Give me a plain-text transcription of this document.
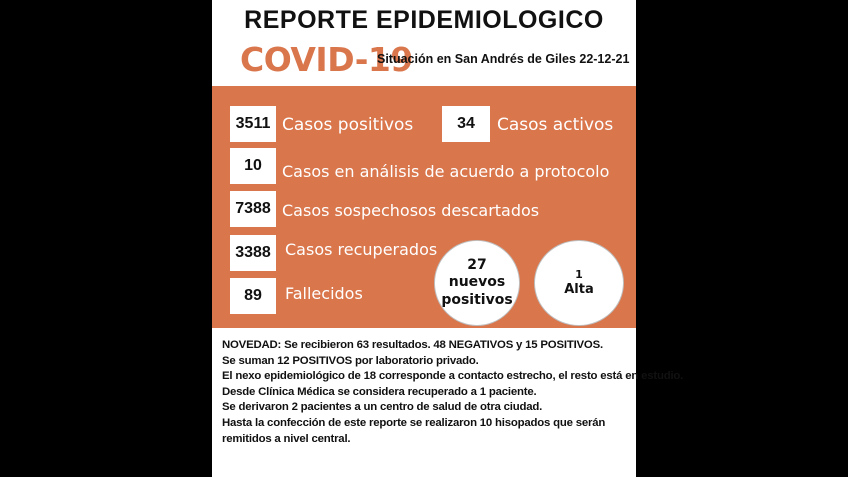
REPORTE EPIDEMIOLOGICO
COVID-19
Situación en San Andrés de Giles 22-12-21
3511 Casos positivos	34	Casos activos
10	Casos en análisis de acuerdo a protocolo
7388 Casos sospechosos descartados
3388 Casos recuperados
89	Fallecidos
27
nuevos
positivos
1
Alta
NOVEDAD: Se recibieron 63 resultados. 48 NEGATIVOS y 15 POSITIVOS.
Se suman 12 POSITIVOS por laboratorio privado.
El nexo epidemiológico de 18 corresponde a contacto estrecho, el resto está en estudio.
Desde Clínica Médica se considera recuperado a 1 paciente.
Se derivaron 2 pacientes a un centro de salud de otra ciudad.
Hasta la confección de este reporte se realizaron 10 hisopados que serán remitidos a nivel central.
